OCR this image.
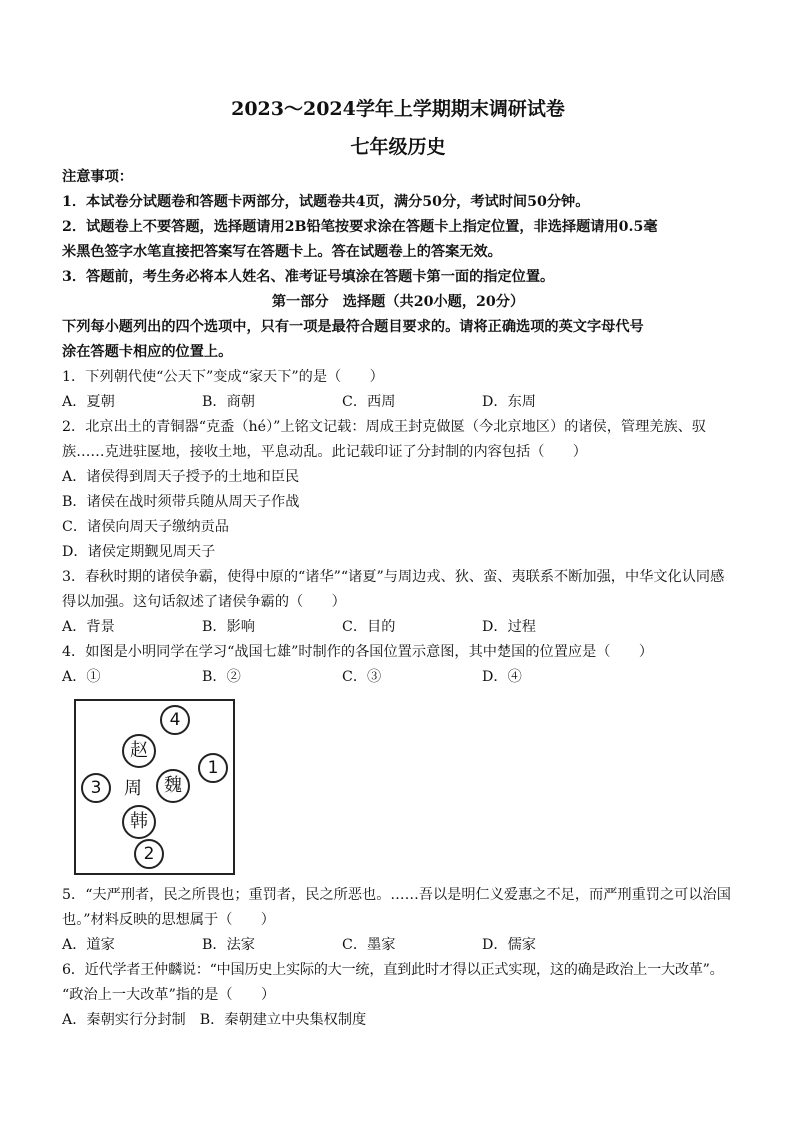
2023～2024学年上学期期末调研试卷
七年级历史

注意事项：

1．本试卷分试题卷和答题卡两部分，试题卷共4页，满分50分，考试时间50分钟。

2．试题卷上不要答题，选择题请用2B铅笔按要求涂在答题卡上指定位置，非选择题请用0.5毫

米黑色签字水笔直接把答案写在答题卡上。答在试题卷上的答案无效。

3．答题前，考生务必将本人姓名、准考证号填涂在答题卡第一面的指定位置。

第一部分　选择题（共20小题，20分）

下列每小题列出的四个选项中，只有一项是最符合题目要求的。请将正确选项的英文字母代号

涂在答题卡相应的位置上。

1．下列朝代使“公天下”变成“家天下”的是（　　）

A．夏朝	B．商朝	C．西周	D．东周

2．北京出土的青铜器“克盉（hé）”上铭文记载：周成王封克做匽（今北京地区）的诸侯，管理羌族、驭

族……克进驻匽地，接收土地，平息动乱。此记载印证了分封制的内容包括（　　）

A．诸侯得到周天子授予的土地和臣民

B．诸侯在战时须带兵随从周天子作战

C．诸侯向周天子缴纳贡品

D．诸侯定期觐见周天子

3．春秋时期的诸侯争霸，使得中原的“诸华”“诸夏”与周边戎、狄、蛮、夷联系不断加强，中华文化认同感

得以加强。这句话叙述了诸侯争霸的（　　）

A．背景	B．影响	C．目的	D．过程

4．如图是小明同学在学习“战国七雄”时制作的各国位置示意图，其中楚国的位置应是（　　）

A．①	B．②	C．③	D．④
4
赵
1
3	周	魏
韩
2

5．“夫严刑者，民之所畏也；重罚者，民之所恶也。……吾以是明仁义爱惠之不足，而严刑重罚之可以治国

也。”材料反映的思想属于（　　）

A．道家	B．法家	C．墨家	D．儒家

6．近代学者王仲麟说：“中国历史上实际的大一统，直到此时才得以正式实现，这的确是政治上一大改革”。

“政治上一大改革”指的是（　　）

A．秦朝实行分封制 B．秦朝建立中央集权制度
